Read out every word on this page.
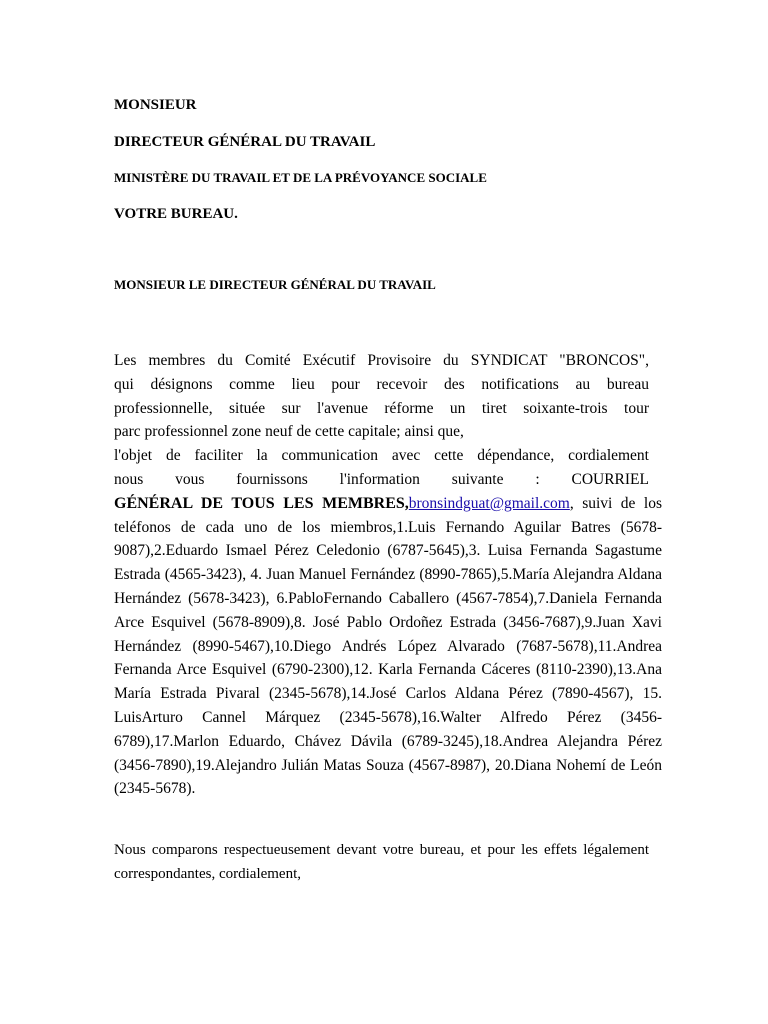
MONSIEUR
DIRECTEUR GÉNÉRAL DU TRAVAIL
MINISTÈRE DU TRAVAIL ET DE LA PRÉVOYANCE SOCIALE
VOTRE BUREAU.
MONSIEUR LE DIRECTEUR GÉNÉRAL DU TRAVAIL

Les membres du Comité Exécutif Provisoire du SYNDICAT "BRONCOS",
qui désignons comme lieu pour recevoir des notifications au bureau
professionnelle, située sur l'avenue réforme un tiret soixante-trois tour
parc professionnel zone neuf de cette capitale; ainsi que,
l'objet de faciliter la communication avec cette dépendance, cordialement
nous vous fournissons l'information suivante : COURRIEL

GÉNÉRAL DE TOUS LES MEMBRES,bronsindguat@gmail.com, suivi de los teléfonos de cada uno de los miembros,1.Luis Fernando Aguilar Batres (5678-9087),2.Eduardo Ismael Pérez Celedonio (6787-5645),3. Luisa Fernanda Sagastume Estrada (4565-3423), 4. Juan Manuel Fernández (8990-7865),5.María Alejandra Aldana Hernández (5678-3423), 6.PabloFernando Caballero (4567-7854),7.Daniela Fernanda Arce Esquivel (5678-8909),8. José Pablo Ordoñez Estrada (3456-7687),9.Juan Xavi Hernández (8990-5467),10.Diego Andrés López Alvarado (7687-5678),11.Andrea Fernanda Arce Esquivel (6790-2300),12. Karla Fernanda Cáceres (8110-2390),13.Ana María Estrada Pivaral (2345-5678),14.José Carlos Aldana Pérez (7890-4567), 15. LuisArturo Cannel Márquez (2345-5678),16.Walter Alfredo Pérez (3456-6789),17.Marlon Eduardo, Chávez Dávila (6789-3245),18.Andrea Alejandra Pérez (3456-7890),19.Alejandro Julián Matas Souza (4567-8987), 20.Diana Nohemí de León (2345-5678).

Nous comparons respectueusement devant votre bureau, et pour les effets légalement correspondantes, cordialement,
